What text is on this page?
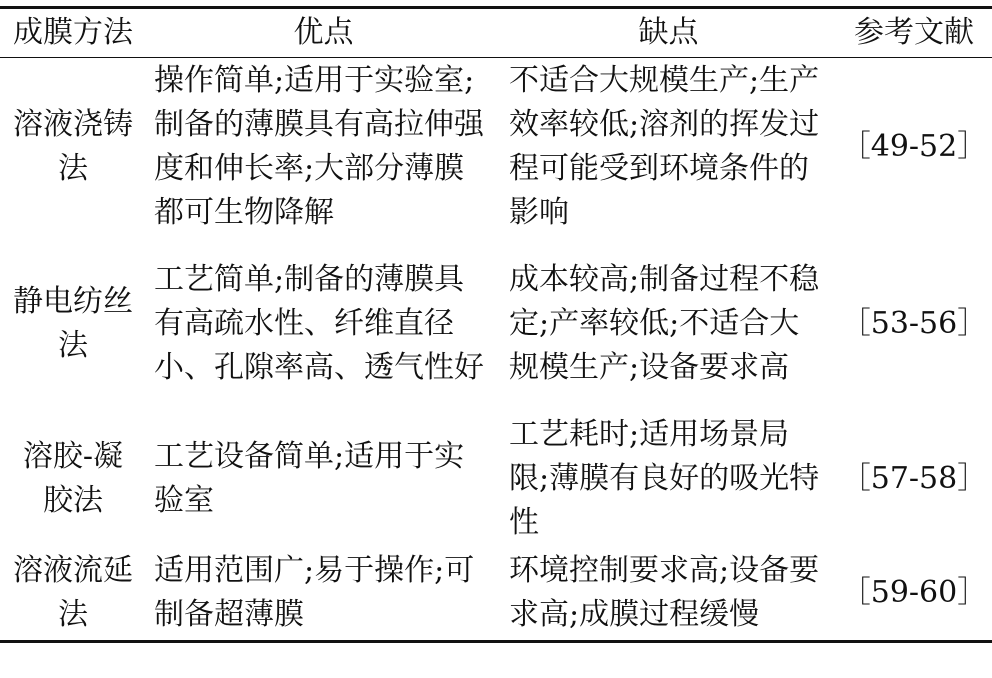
成膜方法	优点	缺点	参考文献
溶液浇铸法	操作简单;适用于实验室;制备的薄膜具有高拉伸强度和伸长率;大部分薄膜都可生物降解	不适合大规模生产;生产效率较低;溶剂的挥发过程可能受到环境条件的影响	［49-52］
静电纺丝法	工艺简单;制备的薄膜具有高疏水性、纤维直径小、孔隙率高、透气性好	成本较高;制备过程不稳定;产率较低;不适合大规模生产;设备要求高	［53-56］
溶胶-凝胶法	工艺设备简单;适用于实验室	工艺耗时;适用场景局限;薄膜有良好的吸光特性	［57-58］
溶液流延法	适用范围广;易于操作;可制备超薄膜	环境控制要求高;设备要求高;成膜过程缓慢	［59-60］
